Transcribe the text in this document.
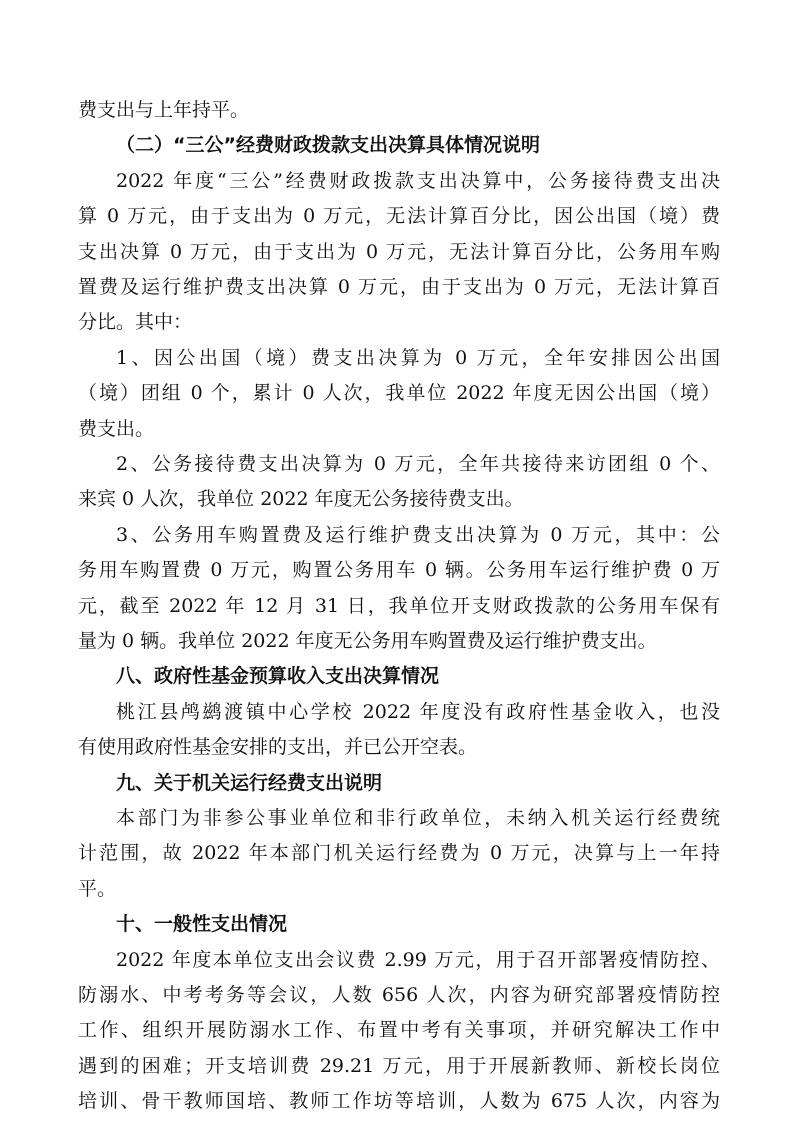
费支出与上年持平。
（二）“三公”经费财政拨款支出决算具体情况说明
2022 年度“三公”经费财政拨款支出决算中，公务接待费支出决
算 0 万元，由于支出为 0 万元，无法计算百分比，因公出国（境）费
支出决算 0 万元，由于支出为 0 万元，无法计算百分比，公务用车购
置费及运行维护费支出决算 0 万元，由于支出为 0 万元，无法计算百
分比。其中：
1、因公出国（境）费支出决算为 0 万元，全年安排因公出国
（境）团组 0 个，累计 0 人次，我单位 2022 年度无因公出国（境）
费支出。
2、公务接待费支出决算为 0 万元，全年共接待来访团组 0 个、
来宾 0 人次，我单位 2022 年度无公务接待费支出。
3、公务用车购置费及运行维护费支出决算为 0 万元，其中：公
务用车购置费 0 万元，购置公务用车 0 辆。公务用车运行维护费 0 万
元，截至 2022 年 12 月 31 日，我单位开支财政拨款的公务用车保有
量为 0 辆。我单位 2022 年度无公务用车购置费及运行维护费支出。
八、政府性基金预算收入支出决算情况
桃江县鸬鹚渡镇中心学校 2022 年度没有政府性基金收入，也没
有使用政府性基金安排的支出，并已公开空表。
九、关于机关运行经费支出说明
本部门为非参公事业单位和非行政单位，未纳入机关运行经费统
计范围，故 2022 年本部门机关运行经费为 0 万元，决算与上一年持
平。
十、一般性支出情况
2022 年度本单位支出会议费 2.99 万元，用于召开部署疫情防控、
防溺水、中考考务等会议，人数 656 人次，内容为研究部署疫情防控
工作、组织开展防溺水工作、布置中考有关事项，并研究解决工作中
遇到的困难；开支培训费 29.21 万元，用于开展新教师、新校长岗位
培训、骨干教师国培、教师工作坊等培训，人数为 675 人次，内容为
